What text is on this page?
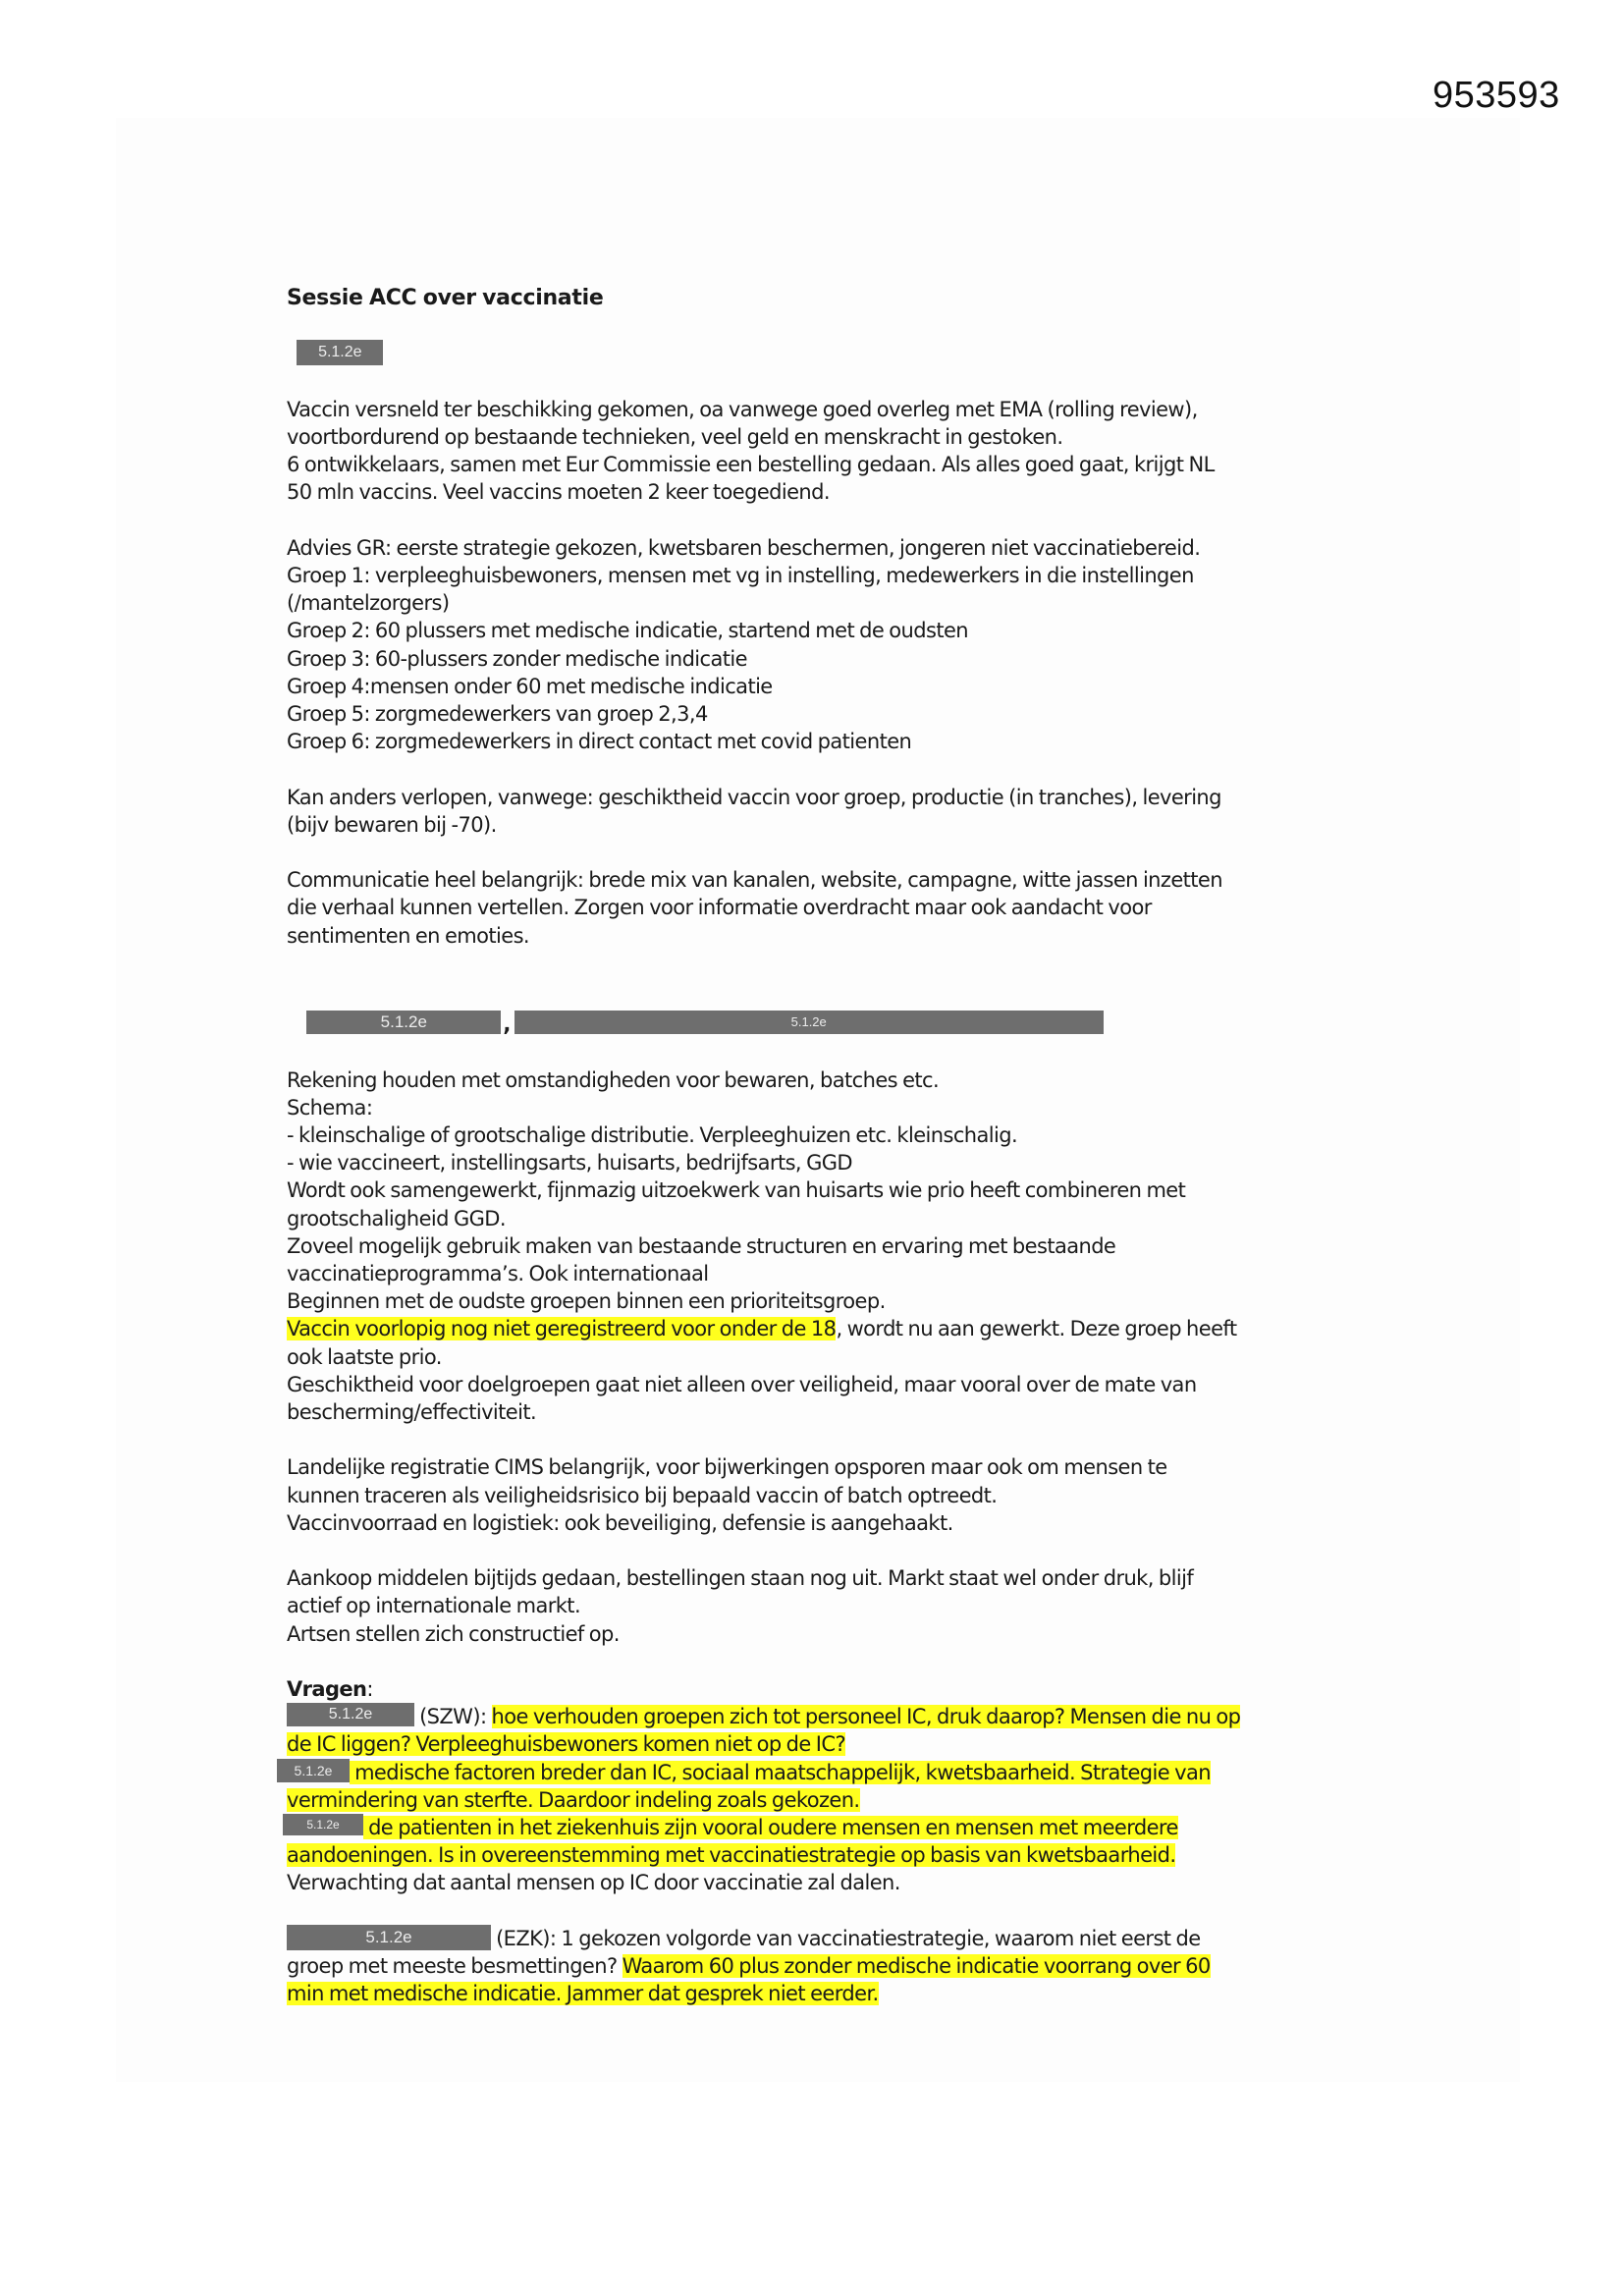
953593
Sessie ACC over vaccinatie

5.1.2e

Vaccin versneld ter beschikking gekomen, oa vanwege goed overleg met EMA (rolling review),
voortbordurend op bestaande technieken, veel geld en menskracht in gestoken.
6 ontwikkelaars, samen met Eur Commissie een bestelling gedaan. Als alles goed gaat, krijgt NL
50 mln vaccins. Veel vaccins moeten 2 keer toegediend.
Advies GR: eerste strategie gekozen, kwetsbaren beschermen, jongeren niet vaccinatiebereid.
Groep 1: verpleeghuisbewoners, mensen met vg in instelling, medewerkers in die instellingen
(/mantelzorgers)
Groep 2: 60 plussers met medische indicatie, startend met de oudsten
Groep 3: 60-plussers zonder medische indicatie
Groep 4:mensen onder 60 met medische indicatie
Groep 5: zorgmedewerkers van groep 2,3,4
Groep 6: zorgmedewerkers in direct contact met covid patienten
Kan anders verlopen, vanwege: geschiktheid vaccin voor groep, productie (in tranches), levering
(bijv bewaren bij -70).
Communicatie heel belangrijk: brede mix van kanalen, website, campagne, witte jassen inzetten
die verhaal kunnen vertellen. Zorgen voor informatie overdracht maar ook aandacht voor
sentimenten en emoties.

5.1.2e	,	5.1.2e

Rekening houden met omstandigheden voor bewaren, batches etc.
Schema:
- kleinschalige of grootschalige distributie. Verpleeghuizen etc. kleinschalig.
- wie vaccineert, instellingsarts, huisarts, bedrijfsarts, GGD
Wordt ook samengewerkt, fijnmazig uitzoekwerk van huisarts wie prio heeft combineren met
grootschaligheid GGD.
Zoveel mogelijk gebruik maken van bestaande structuren en ervaring met bestaande
vaccinatieprogramma’s. Ook internationaal
Beginnen met de oudste groepen binnen een prioriteitsgroep.
Vaccin voorlopig nog niet geregistreerd voor onder de 18, wordt nu aan gewerkt. Deze groep heeft
ook laatste prio.
Geschiktheid voor doelgroepen gaat niet alleen over veiligheid, maar vooral over de mate van
bescherming/effectiviteit.
Landelijke registratie CIMS belangrijk, voor bijwerkingen opsporen maar ook om mensen te
kunnen traceren als veiligheidsrisico bij bepaald vaccin of batch optreedt.
Vaccinvoorraad en logistiek: ook beveiliging, defensie is aangehaakt.
Aankoop middelen bijtijds gedaan, bestellingen staan nog uit. Markt staat wel onder druk, blijf
actief op internationale markt.
Artsen stellen zich constructief op.
Vragen:
5.1.2e (SZW): hoe verhouden groepen zich tot personeel IC, druk daarop? Mensen die nu op
de IC liggen? Verpleeghuisbewoners komen niet op de IC?
5.1.2e medische factoren breder dan IC, sociaal maatschappelijk, kwetsbaarheid. Strategie van
vermindering van sterfte. Daardoor indeling zoals gekozen.
5.1.2e de patienten in het ziekenhuis zijn vooral oudere mensen en mensen met meerdere
aandoeningen. Is in overeenstemming met vaccinatiestrategie op basis van kwetsbaarheid.
Verwachting dat aantal mensen op IC door vaccinatie zal dalen.
5.1.2e	(EZK): 1 gekozen volgorde van vaccinatiestrategie, waarom niet eerst de
groep met meeste besmettingen? Waarom 60 plus zonder medische indicatie voorrang over 60
min met medische indicatie. Jammer dat gesprek niet eerder.
